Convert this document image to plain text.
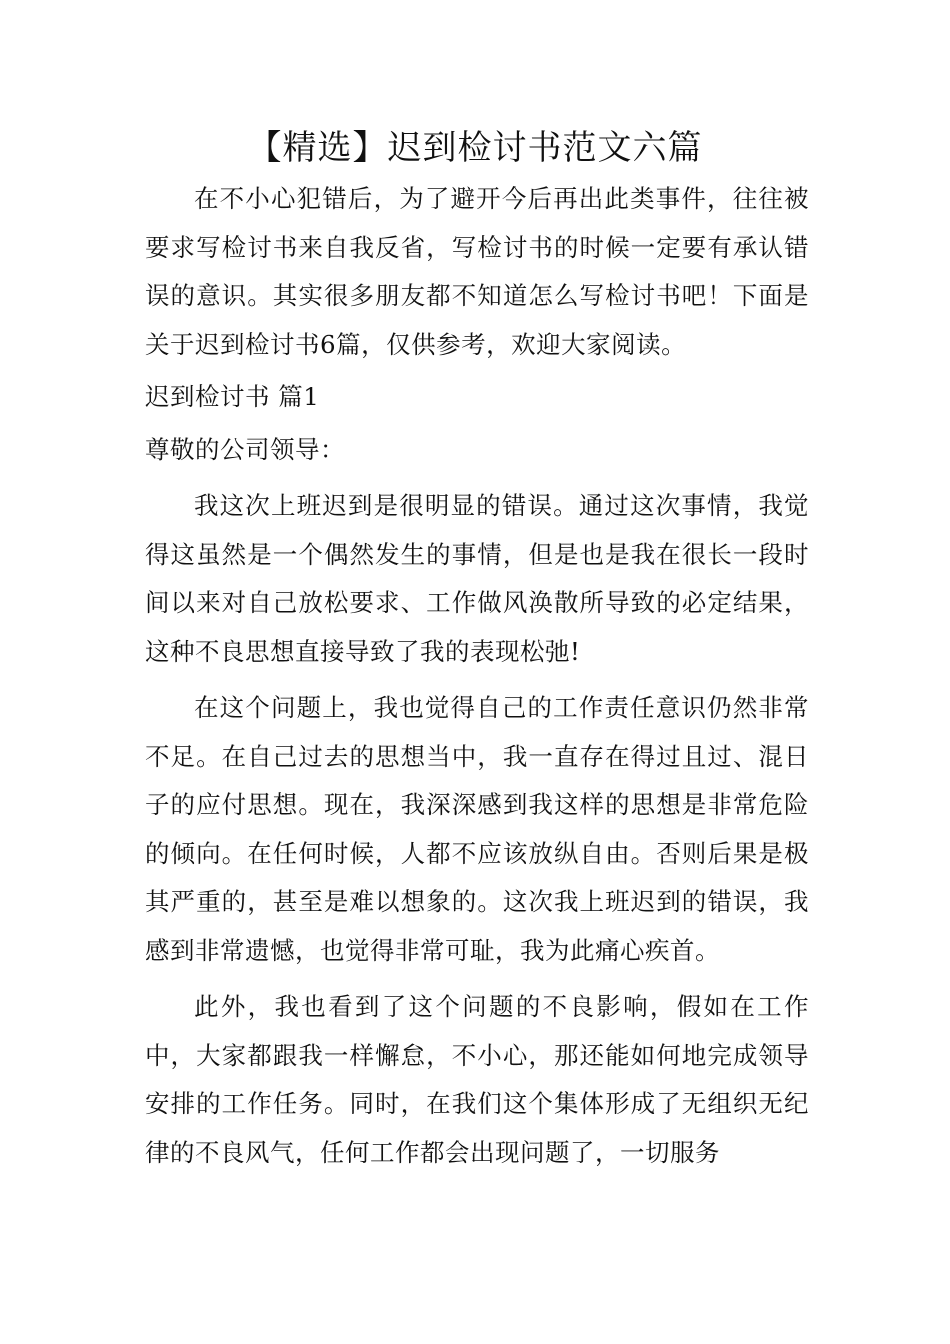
【精选】迟到检讨书范文六篇

在不小心犯错后，为了避开今后再出此类事件，往往被要求写检讨书来自我反省，写检讨书的时候一定要有承认错误的意识。其实很多朋友都不知道怎么写检讨书吧！下面是关于迟到检讨书6篇，仅供参考，欢迎大家阅读。

迟到检讨书 篇1

尊敬的公司领导：

我这次上班迟到是很明显的错误。通过这次事情，我觉得这虽然是一个偶然发生的事情，但是也是我在很长一段时间以来对自己放松要求、工作做风涣散所导致的必定结果，这种不良思想直接导致了我的表现松弛!

在这个问题上，我也觉得自己的工作责任意识仍然非常不足。在自己过去的思想当中，我一直存在得过且过、混日子的应付思想。现在，我深深感到我这样的思想是非常危险的倾向。在任何时候，人都不应该放纵自由。否则后果是极其严重的，甚至是难以想象的。这次我上班迟到的错误，我感到非常遗憾，也觉得非常可耻，我为此痛心疾首。

此外，我也看到了这个问题的不良影响，假如在工作中，大家都跟我一样懈怠，不小心，那还能如何地完成领导安排的工作任务。同时，在我们这个集体形成了无组织无纪律的不良风气，任何工作都会出现问题了，一切服务
